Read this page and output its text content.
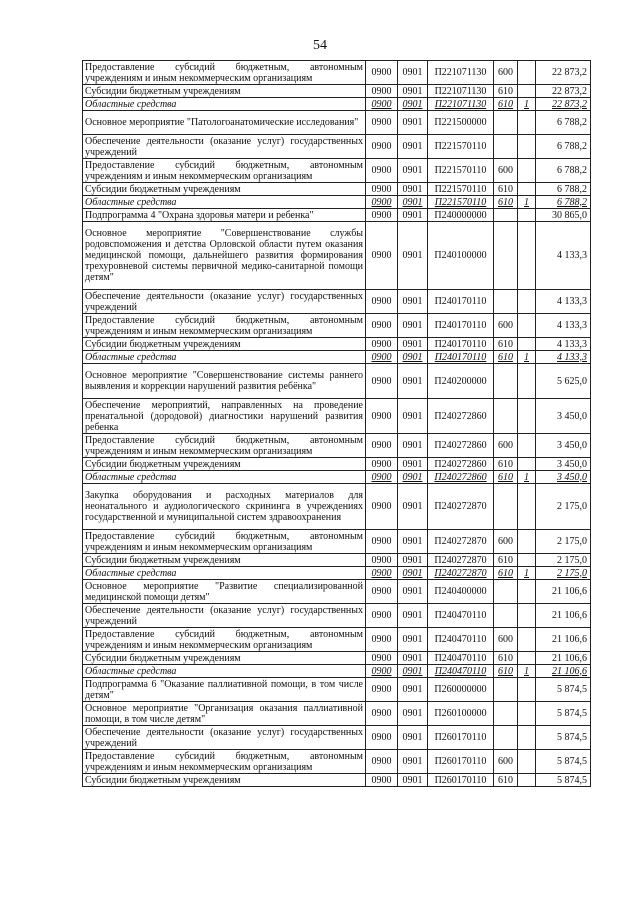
54
Предоставление субсидий бюджетным, автономным учреждениям и иным некоммерческим организациям	0900	0901	П221071130	600		22 873,2
Субсидии бюджетным учреждениям	0900	0901	П221071130	610		22 873,2
Областные средства	0900	0901	П221071130	610	1	22 873,2
Основное мероприятие "Патологоанатомические исследования"	0900	0901	П221500000			6 788,2
Обеспечение деятельности (оказание услуг) государственных учреждений	0900	0901	П221570110			6 788,2
Предоставление субсидий бюджетным, автономным учреждениям и иным некоммерческим организациям	0900	0901	П221570110	600		6 788,2
Субсидии бюджетным учреждениям	0900	0901	П221570110	610		6 788,2
Областные средства	0900	0901	П221570110	610	1	6 788,2
Подпрограмма 4 "Охрана здоровья матери и ребенка"	0900	0901	П240000000			30 865,0
Основное мероприятие "Совершенствование службы родовспоможения и детства Орловской области путем оказания медицинской помощи, дальнейшего развития формирования трехуровневой системы первичной медико-санитарной помощи детям"	0900	0901	П240100000			4 133,3
Обеспечение деятельности (оказание услуг) государственных учреждений	0900	0901	П240170110			4 133,3
Предоставление субсидий бюджетным, автономным учреждениям и иным некоммерческим организациям	0900	0901	П240170110	600		4 133,3
Субсидии бюджетным учреждениям	0900	0901	П240170110	610		4 133,3
Областные средства	0900	0901	П240170110	610	1	4 133,3
Основное мероприятие "Совершенствование системы раннего выявления и коррекции нарушений развития ребёнка"	0900	0901	П240200000			5 625,0
Обеспечение мероприятий, направленных на проведение пренатальной (дородовой) диагностики нарушений развития ребенка	0900	0901	П240272860			3 450,0
Предоставление субсидий бюджетным, автономным учреждениям и иным некоммерческим организациям	0900	0901	П240272860	600		3 450,0
Субсидии бюджетным учреждениям	0900	0901	П240272860	610		3 450,0
Областные средства	0900	0901	П240272860	610	1	3 450,0
Закупка оборудования и расходных материалов для неонатального и аудиологического скрининга в учреждениях государственной и муниципальной систем здравоохранения	0900	0901	П240272870			2 175,0
Предоставление субсидий бюджетным, автономным учреждениям и иным некоммерческим организациям	0900	0901	П240272870	600		2 175,0
Субсидии бюджетным учреждениям	0900	0901	П240272870	610		2 175,0
Областные средства	0900	0901	П240272870	610	1	2 175,0
Основное мероприятие "Развитие специализированной медицинской помощи детям"	0900	0901	П240400000			21 106,6
Обеспечение деятельности (оказание услуг) государственных учреждений	0900	0901	П240470110			21 106,6
Предоставление субсидий бюджетным, автономным учреждениям и иным некоммерческим организациям	0900	0901	П240470110	600		21 106,6
Субсидии бюджетным учреждениям	0900	0901	П240470110	610		21 106,6
Областные средства	0900	0901	П240470110	610	1	21 106,6
Подпрограмма 6 "Оказание паллиативной помощи, в том числе детям"	0900	0901	П260000000			5 874,5
Основное мероприятие "Организация оказания паллиативной помощи, в том числе детям"	0900	0901	П260100000			5 874,5
Обеспечение деятельности (оказание услуг) государственных учреждений	0900	0901	П260170110			5 874,5
Предоставление субсидий бюджетным, автономным учреждениям и иным некоммерческим организациям	0900	0901	П260170110	600		5 874,5
Субсидии бюджетным учреждениям	0900	0901	П260170110	610		5 874,5
